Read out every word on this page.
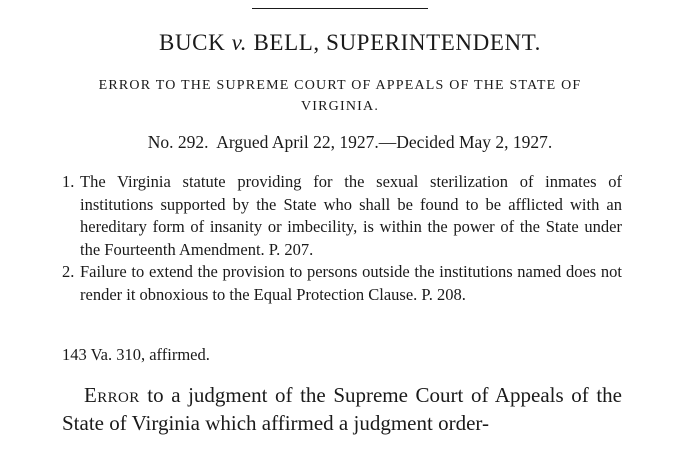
BUCK v. BELL, SUPERINTENDENT.

ERROR TO THE SUPREME COURT OF APPEALS OF THE STATE OF VIRGINIA.

No. 292.  Argued April 22, 1927.—Decided May 2, 1927.

1. The Virginia statute providing for the sexual sterilization of inmates of institutions supported by the State who shall be found to be afflicted with an hereditary form of insanity or imbecility, is within the power of the State under the Fourteenth Amendment. P. 207.
2. Failure to extend the provision to persons outside the institutions named does not render it obnoxious to the Equal Protection Clause. P. 208.

143 Va. 310, affirmed.

Error to a judgment of the Supreme Court of Appeals of the State of Virginia which affirmed a judgment order-
